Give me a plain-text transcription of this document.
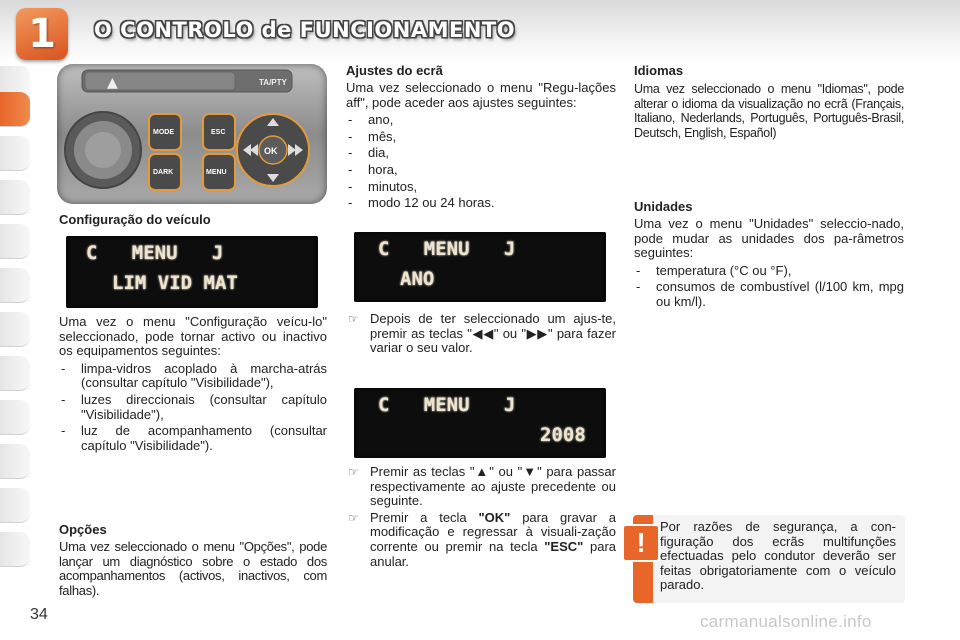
1	O CONTROLO de FUNCIONAMENTO
▲	TA/PTY
MODE
DARK
ESC
MENU
OK
Configuração do veículo
C   MENU   J
LIM VID MAT
Uma vez o menu "Configuração veícu-lo" seleccionado, pode tornar activo ou inactivo os equipamentos seguintes:
- limpa-vidros acoplado à marcha-atrás (consultar capítulo "Visibilidade"),
- luzes direccionais (consultar capítulo "Visibilidade"),
- luz de acompanhamento (consultar capítulo "Visibilidade").
Opções
Uma vez seleccionado o menu "Opções", pode lançar um diagnóstico sobre o estado dos acompanhamentos (activos, inactivos, com falhas).
Ajustes do ecrã
Uma vez seleccionado o menu "Regu-lações aff", pode aceder aos ajustes seguintes:
- ano,
- mês,
- dia,
- hora,
- minutos,
- modo 12 ou 24 horas.
C   MENU   J
ANO
☞ Depois de ter seleccionado um ajus-te, premir as teclas "◀◀" ou "▶▶" para fazer variar o seu valor.
C   MENU   J
2008
☞ Premir as teclas "▲" ou "▼" para passar respectivamente ao ajuste precedente ou seguinte.
☞ Premir a tecla "OK" para gravar a modificação e regressar à visuali-zação corrente ou premir na tecla "ESC" para anular.
Idiomas
Uma vez seleccionado o menu "Idiomas", pode alterar o idioma da visualização no ecrã (Français, Italiano, Nederlands, Português, Português-Brasil, Deutsch, English, Español)
Unidades
Uma vez o menu "Unidades" seleccio-nado, pode mudar as unidades dos pa-râmetros seguintes:
- temperatura (°C ou °F),
- consumos de combustível (l/100 km, mpg ou km/l).
!
Por razões de segurança, a con-figuração dos ecrãs multifunções efectuadas pelo condutor deverão ser feitas obrigatoriamente com o veículo parado.
34	carmanualsonline.info
